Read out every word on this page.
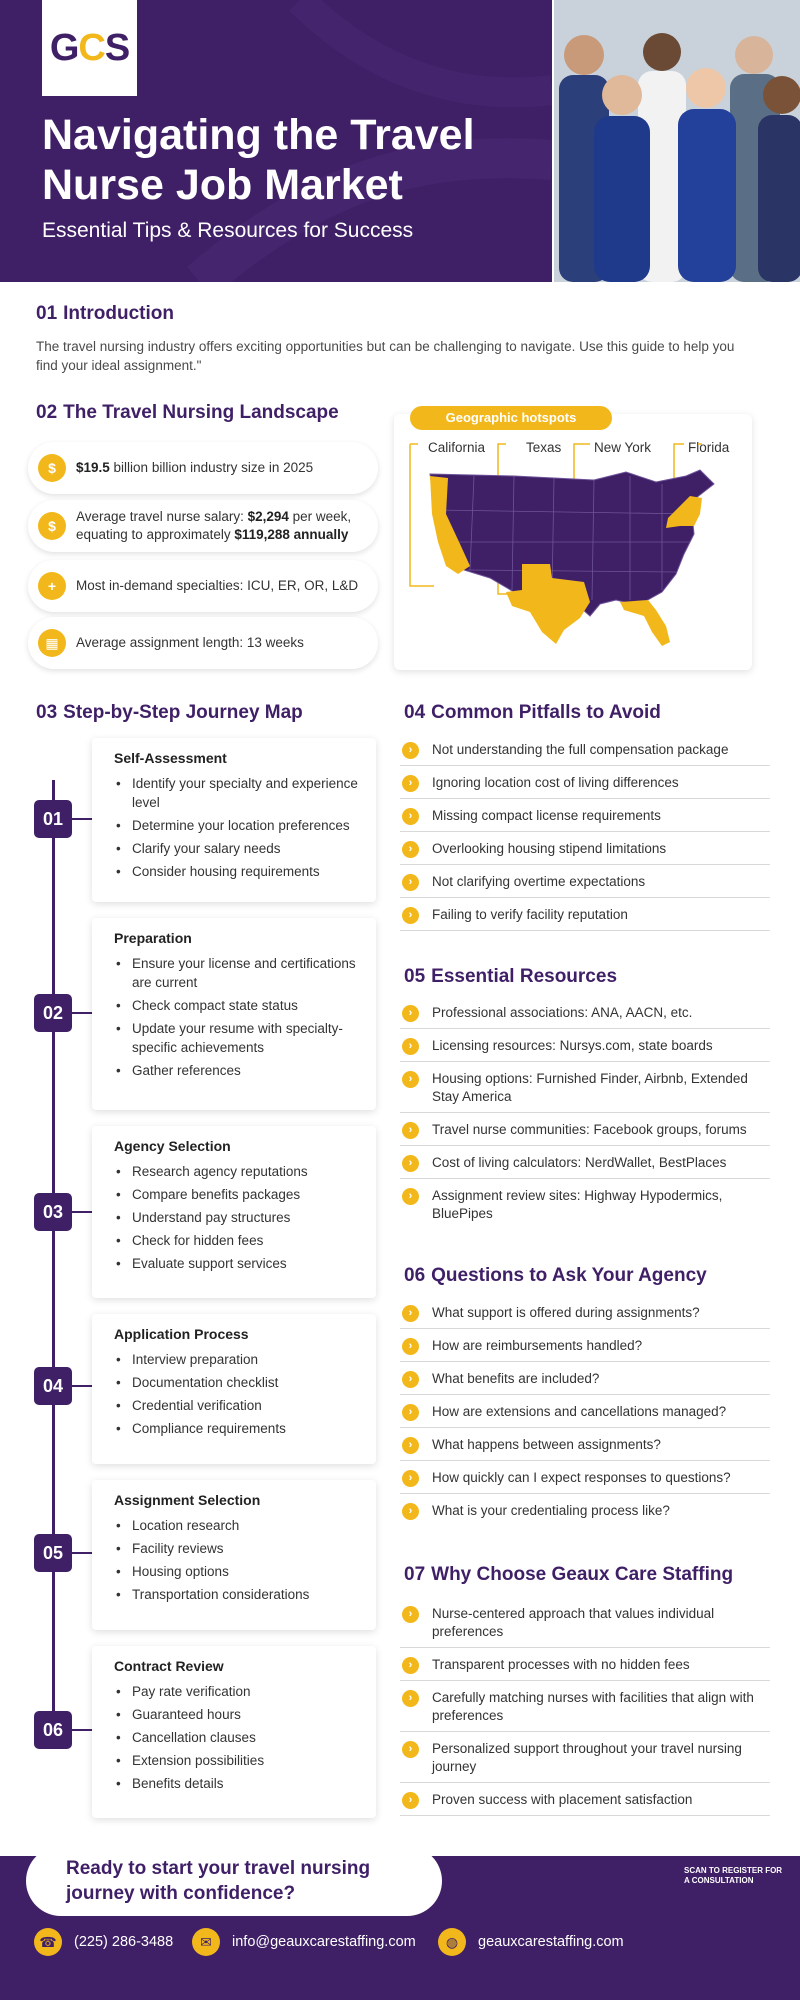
G C S
Navigating the Travel Nurse Job Market
Essential Tips & Resources for Success
01 Introduction
The travel nursing industry offers exciting opportunities but can be challenging to navigate. Use this guide to help you find your ideal assignment."
02 The Travel Nursing Landscape
$	$19.5 billion billion industry size in 2025
$
Average travel nurse salary: $2,294 per week, equating to approximately $119,288 annually
+	Most in-demand specialties: ICU, ER, OR, L&D
▦	Average assignment length: 13 weeks
Geographic hotspots
California	Texas New York	Florida
03 Step-by-Step Journey Map
Self-Assessment
• Identify your specialty and experience level
• Determine your location preferences
• Clarify your salary needs
• Consider housing requirements
01
Preparation
• Ensure your license and certifications are current
• Check compact state status
• Update your resume with specialty-specific achievements
• Gather references
02
Agency Selection
• Research agency reputations
• Compare benefits packages
• Understand pay structures
• Check for hidden fees
• Evaluate support services
03
Application Process
• Interview preparation
• Documentation checklist
• Credential verification
• Compliance requirements
04
Assignment Selection
• Location research
• Facility reviews
• Housing options
• Transportation considerations
05
Contract Review
• Pay rate verification
• Guaranteed hours
• Cancellation clauses
• Extension possibilities
• Benefits details
06
04 Common Pitfalls to Avoid
›	Not understanding the full compensation package
›	Ignoring location cost of living differences
›	Missing compact license requirements
›	Overlooking housing stipend limitations
›	Not clarifying overtime expectations
›	Failing to verify facility reputation
05 Essential Resources
›	Professional associations: ANA, AACN, etc.
›	Licensing resources: Nursys.com, state boards
›	Housing options: Furnished Finder, Airbnb, Extended Stay America
›	Travel nurse communities: Facebook groups, forums
›	Cost of living calculators: NerdWallet, BestPlaces
›	Assignment review sites: Highway Hypodermics, BluePipes
06 Questions to Ask Your Agency
›	What support is offered during assignments?
›	How are reimbursements handled?
›	What benefits are included?
›	How are extensions and cancellations managed?
›	What happens between assignments?
›	How quickly can I expect responses to questions?
›	What is your credentialing process like?
07 Why Choose Geaux Care Staffing
›	Nurse-centered approach that values individual preferences
›	Transparent processes with no hidden fees
›	Carefully matching nurses with facilities that align with preferences
›	Personalized support throughout your travel nursing journey
›	Proven success with placement satisfaction
Ready to start your travel nursing journey with confidence?
SCAN TO REGISTER FOR A CONSULTATION
☎	(225) 286-3488	✉	info@geauxcarestaffing.com	◍	geauxcarestaffing.com
